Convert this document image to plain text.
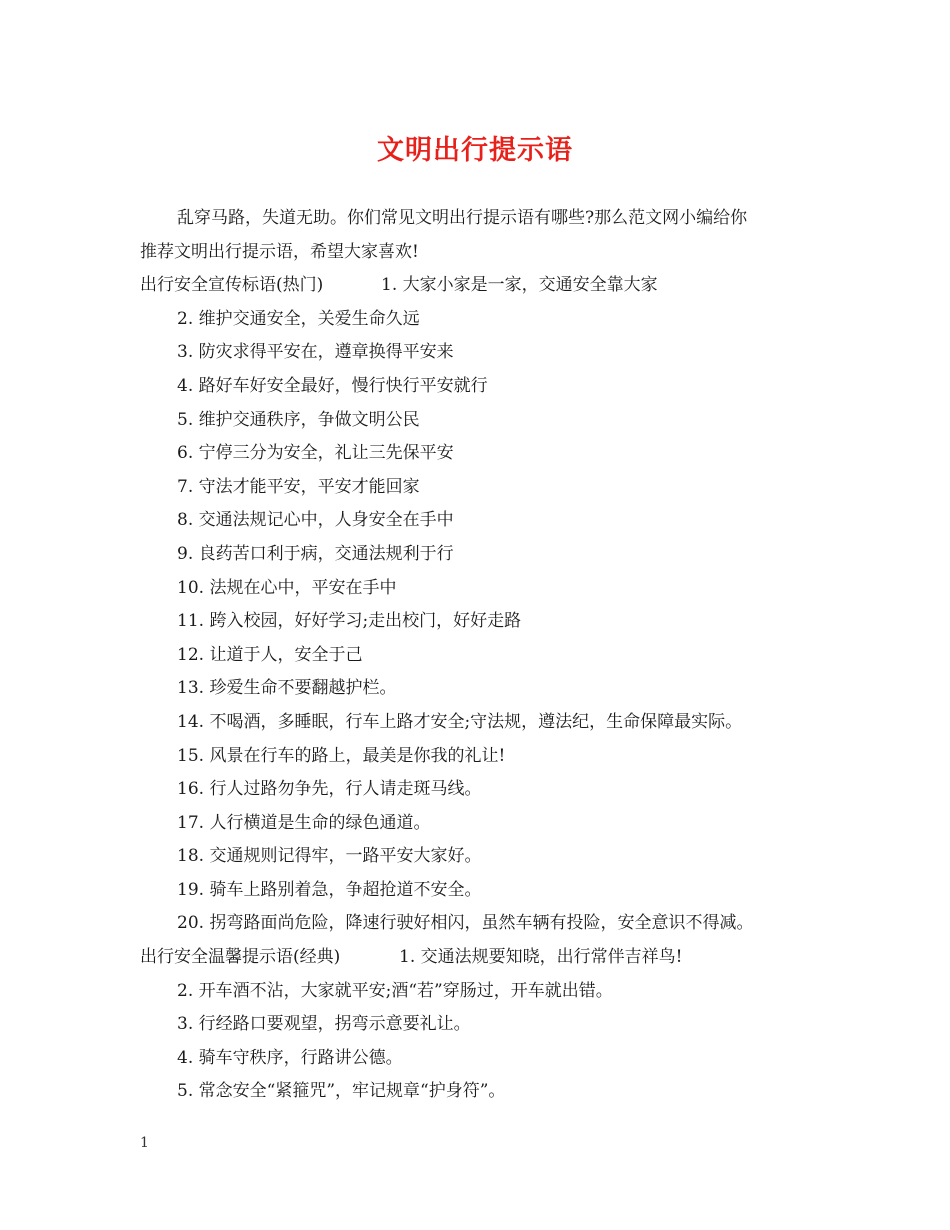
文明出行提示语
乱穿马路，失道无助。你们常见文明出行提示语有哪些?那么范文网小编给你
推荐文明出行提示语，希望大家喜欢!
出行安全宣传标语(热门)	1. 大家小家是一家，交通安全靠大家
2. 维护交通安全，关爱生命久远
3. 防灾求得平安在，遵章换得平安来
4. 路好车好安全最好，慢行快行平安就行
5. 维护交通秩序，争做文明公民
6. 宁停三分为安全，礼让三先保平安
7. 守法才能平安，平安才能回家
8. 交通法规记心中，人身安全在手中
9. 良药苦口利于病，交通法规利于行
10. 法规在心中，平安在手中
11. 跨入校园，好好学习;走出校门，好好走路
12. 让道于人，安全于己
13. 珍爱生命不要翻越护栏。
14. 不喝酒，多睡眠，行车上路才安全;守法规，遵法纪，生命保障最实际。
15. 风景在行车的路上，最美是你我的礼让!
16. 行人过路勿争先，行人请走斑马线。
17. 人行横道是生命的绿色通道。
18. 交通规则记得牢，一路平安大家好。
19. 骑车上路别着急，争超抢道不安全。
20. 拐弯路面尚危险，降速行驶好相闪，虽然车辆有投险，安全意识不得减。
出行安全温馨提示语(经典)	1. 交通法规要知晓，出行常伴吉祥鸟!
2. 开车酒不沾，大家就平安;酒“若”穿肠过，开车就出错。
3. 行经路口要观望，拐弯示意要礼让。
4. 骑车守秩序，行路讲公德。
5. 常念安全“紧箍咒”，牢记规章“护身符”。
1
